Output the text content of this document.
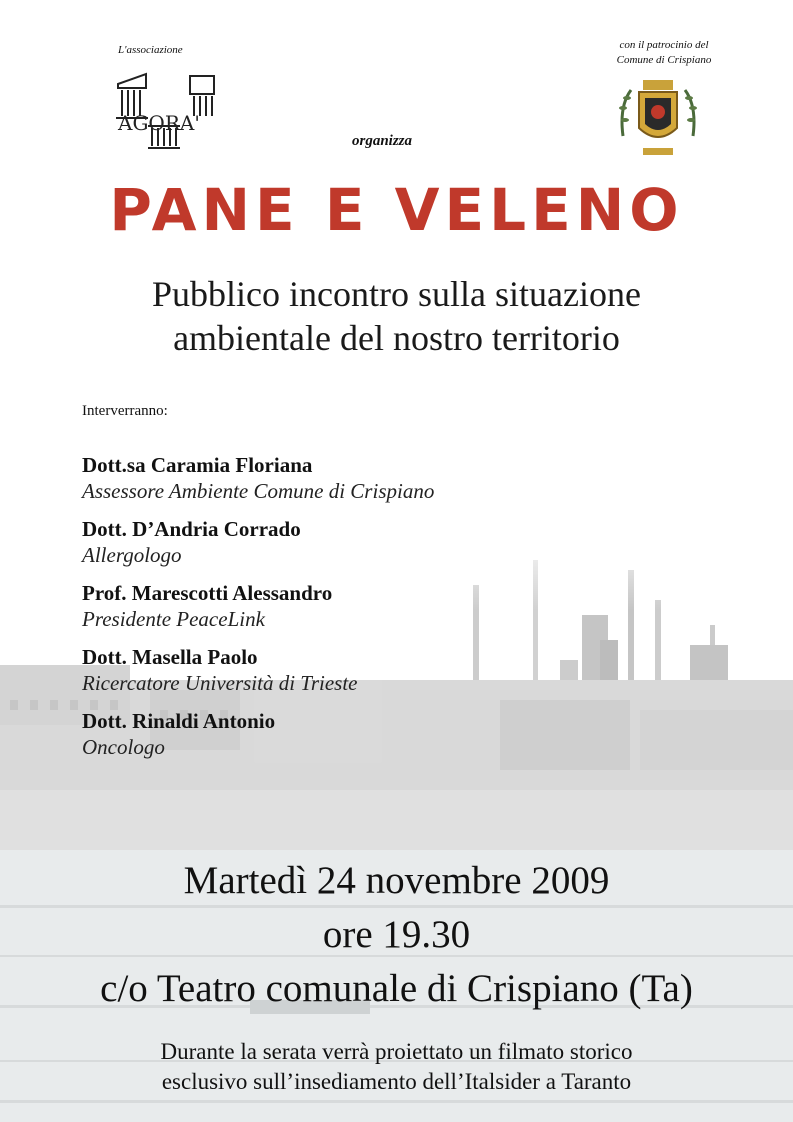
L'associazione
AGORA'
con il patrocinio del
Comune di Crispiano
organizza
PANE E VELENO
Pubblico incontro sulla situazione
ambientale del nostro territorio
Interverranno:
Dott.sa Caramia Floriana
Assessore Ambiente Comune di Crispiano
Dott. D’Andria Corrado
Allergologo
Prof. Marescotti Alessandro
Presidente PeaceLink
Dott. Masella Paolo
Ricercatore Università di Trieste
Dott. Rinaldi Antonio
Oncologo
Martedì 24 novembre 2009
ore 19.30
c/o Teatro comunale di Crispiano (Ta)
Durante la serata verrà proiettato un filmato storico
esclusivo sull’insediamento dell’Italsider a Taranto
